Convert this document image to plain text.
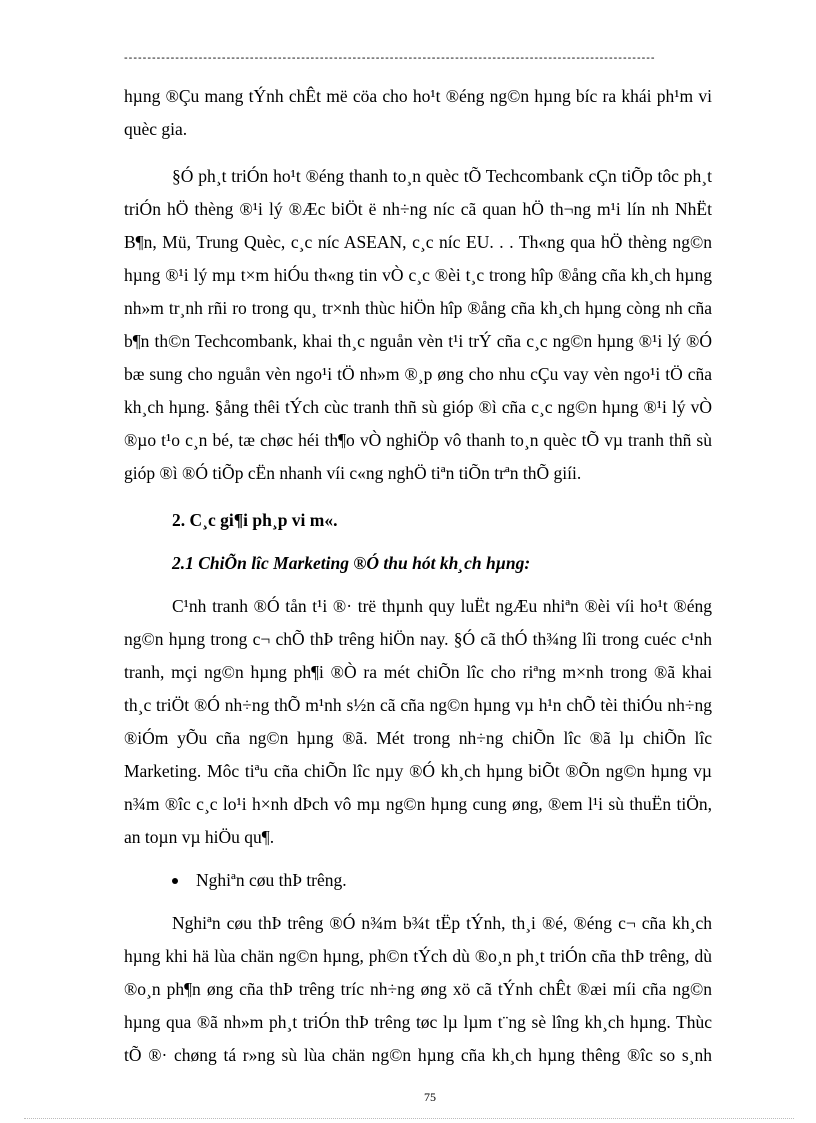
------------------------------------------------------------------------------------------------------------------
hµng ®Çu mang tÝnh chÊt më cöa cho ho¹t ®éng ng©n hµng bíc ra khái ph¹m vi
quèc gia.
§Ó ph¸t triÓn ho¹t ®éng thanh to¸n quèc tÕ Techcombank cÇn tiÕp tôc ph¸t
triÓn hÖ thèng ®¹i lý ®Æc biÖt ë nh÷ng níc cã quan hÖ th¬ng m¹i lín nh NhËt
B¶n, Mü, Trung Quèc, c¸c níc ASEAN, c¸c níc EU. . . Th«ng qua hÖ thèng ng©n
hµng ®¹i lý mµ t×m hiÓu th«ng tin vÒ c¸c ®èi t¸c trong hîp ®ång cña kh¸ch hµng
nh»m tr¸nh rñi ro trong qu¸ tr×nh thùc hiÖn hîp ®ång cña kh¸ch hµng còng nh cña
b¶n th©n Techcombank, khai th¸c nguån vèn t¹i trÝ cña c¸c ng©n hµng ®¹i lý ®Ó
bæ sung cho nguån vèn ngo¹i tÖ nh»m ®¸p øng cho nhu cÇu vay vèn ngo¹i tÖ cña
kh¸ch hµng. §ång thêi tÝch cùc tranh thñ sù gióp ®ì cña c¸c ng©n hµng ®¹i lý vÒ
®µo t¹o c¸n bé, tæ chøc héi th¶o vÒ nghiÖp vô thanh to¸n quèc tÕ vµ tranh thñ sù
gióp ®ì ®Ó tiÕp cËn nhanh víi c«ng nghÖ tiªn tiÕn trªn thÕ giíi.
2. C¸c gi¶i ph¸p vi m«.
2.1 ChiÕn lîc Marketing ®Ó thu hót kh¸ch hµng:
C¹nh tranh ®Ó tån t¹i ®· trë thµnh quy luËt ngÆu nhiªn ®èi víi ho¹t ®éng
ng©n hµng trong c¬ chÕ thÞ trêng hiÖn nay. §Ó cã thÓ th¾ng lîi trong cuéc c¹nh
tranh, mçi ng©n hµng ph¶i ®Ò ra mét chiÕn lîc cho riªng m×nh trong ®ã khai
th¸c triÖt ®Ó nh÷ng thÕ m¹nh s½n cã cña ng©n hµng vµ h¹n chÕ tèi thiÓu nh÷ng
®iÓm yÕu cña ng©n hµng ®ã. Mét trong nh÷ng chiÕn lîc ®ã lµ chiÕn lîc
Marketing. Môc tiªu cña chiÕn lîc nµy ®Ó kh¸ch hµng biÕt ®Õn ng©n hµng vµ
n¾m ®îc c¸c lo¹i h×nh dÞch vô mµ ng©n hµng cung øng, ®em l¹i sù thuËn tiÖn,
an toµn vµ hiÖu qu¶.
Nghiªn cøu thÞ trêng.
Nghiªn cøu thÞ trêng ®Ó n¾m b¾t tËp tÝnh, th¸i ®é, ®éng c¬ cña kh¸ch
hµng khi hä lùa chän ng©n hµng, ph©n tÝch dù ®o¸n ph¸t triÓn cña thÞ trêng, dù
®o¸n ph¶n øng cña thÞ trêng tríc nh÷ng øng xö cã tÝnh chÊt ®æi míi cña ng©n
hµng qua ®ã nh»m ph¸t triÓn thÞ trêng tøc lµ lµm t¨ng sè lîng kh¸ch hµng. Thùc
tÕ ®· chøng tá r»ng sù lùa chän ng©n hµng cña kh¸ch hµng thêng ®îc so s¸nh
75
